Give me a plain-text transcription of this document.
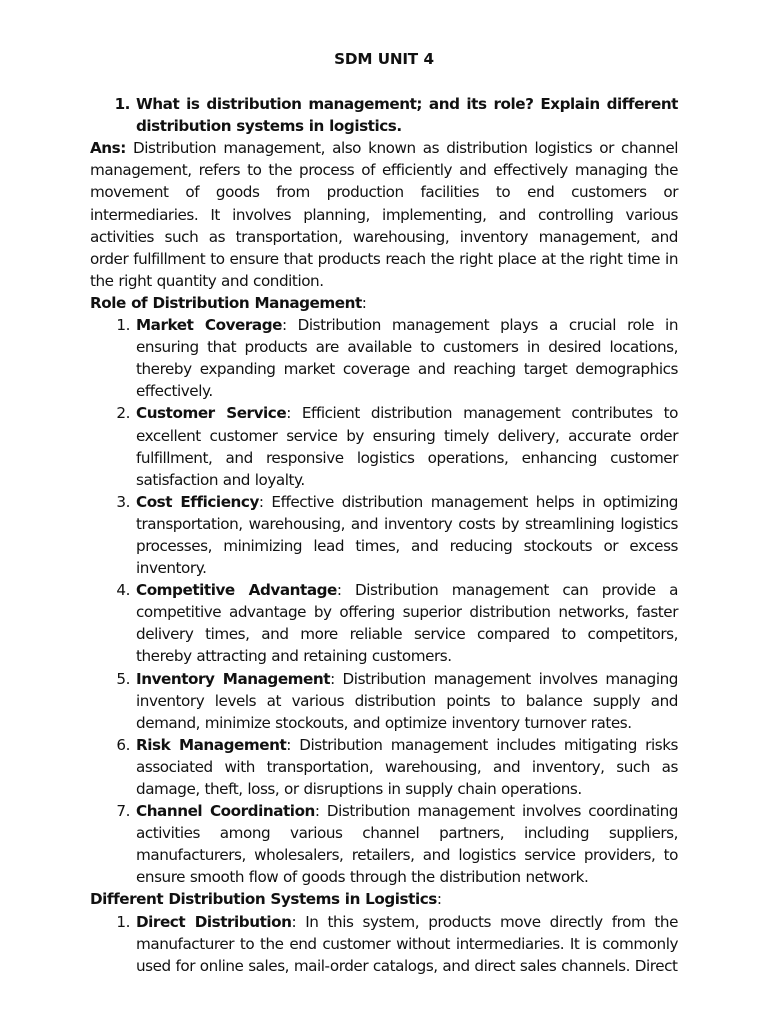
SDM UNIT 4
1. What is distribution management; and its role? Explain different distribution systems in logistics.

Ans: Distribution management, also known as distribution logistics or channel management, refers to the process of efficiently and effectively managing the movement of goods from production facilities to end customers or intermediaries. It involves planning, implementing, and controlling various activities such as transportation, warehousing, inventory management, and order fulfillment to ensure that products reach the right place at the right time in the right quantity and condition.

Role of Distribution Management:

1. Market Coverage: Distribution management plays a crucial role in ensuring that products are available to customers in desired locations, thereby expanding market coverage and reaching target demographics effectively.
2. Customer Service: Efficient distribution management contributes to excellent customer service by ensuring timely delivery, accurate order fulfillment, and responsive logistics operations, enhancing customer satisfaction and loyalty.
3. Cost Efficiency: Effective distribution management helps in optimizing transportation, warehousing, and inventory costs by streamlining logistics processes, minimizing lead times, and reducing stockouts or excess inventory.
4. Competitive Advantage: Distribution management can provide a competitive advantage by offering superior distribution networks, faster delivery times, and more reliable service compared to competitors, thereby attracting and retaining customers.
5. Inventory Management: Distribution management involves managing inventory levels at various distribution points to balance supply and demand, minimize stockouts, and optimize inventory turnover rates.
6. Risk Management: Distribution management includes mitigating risks associated with transportation, warehousing, and inventory, such as damage, theft, loss, or disruptions in supply chain operations.
7. Channel Coordination: Distribution management involves coordinating activities among various channel partners, including suppliers, manufacturers, wholesalers, retailers, and logistics service providers, to ensure smooth flow of goods through the distribution network.

Different Distribution Systems in Logistics:

1. Direct Distribution: In this system, products move directly from the manufacturer to the end customer without intermediaries. It is commonly used for online sales, mail-order catalogs, and direct sales channels. Direct
